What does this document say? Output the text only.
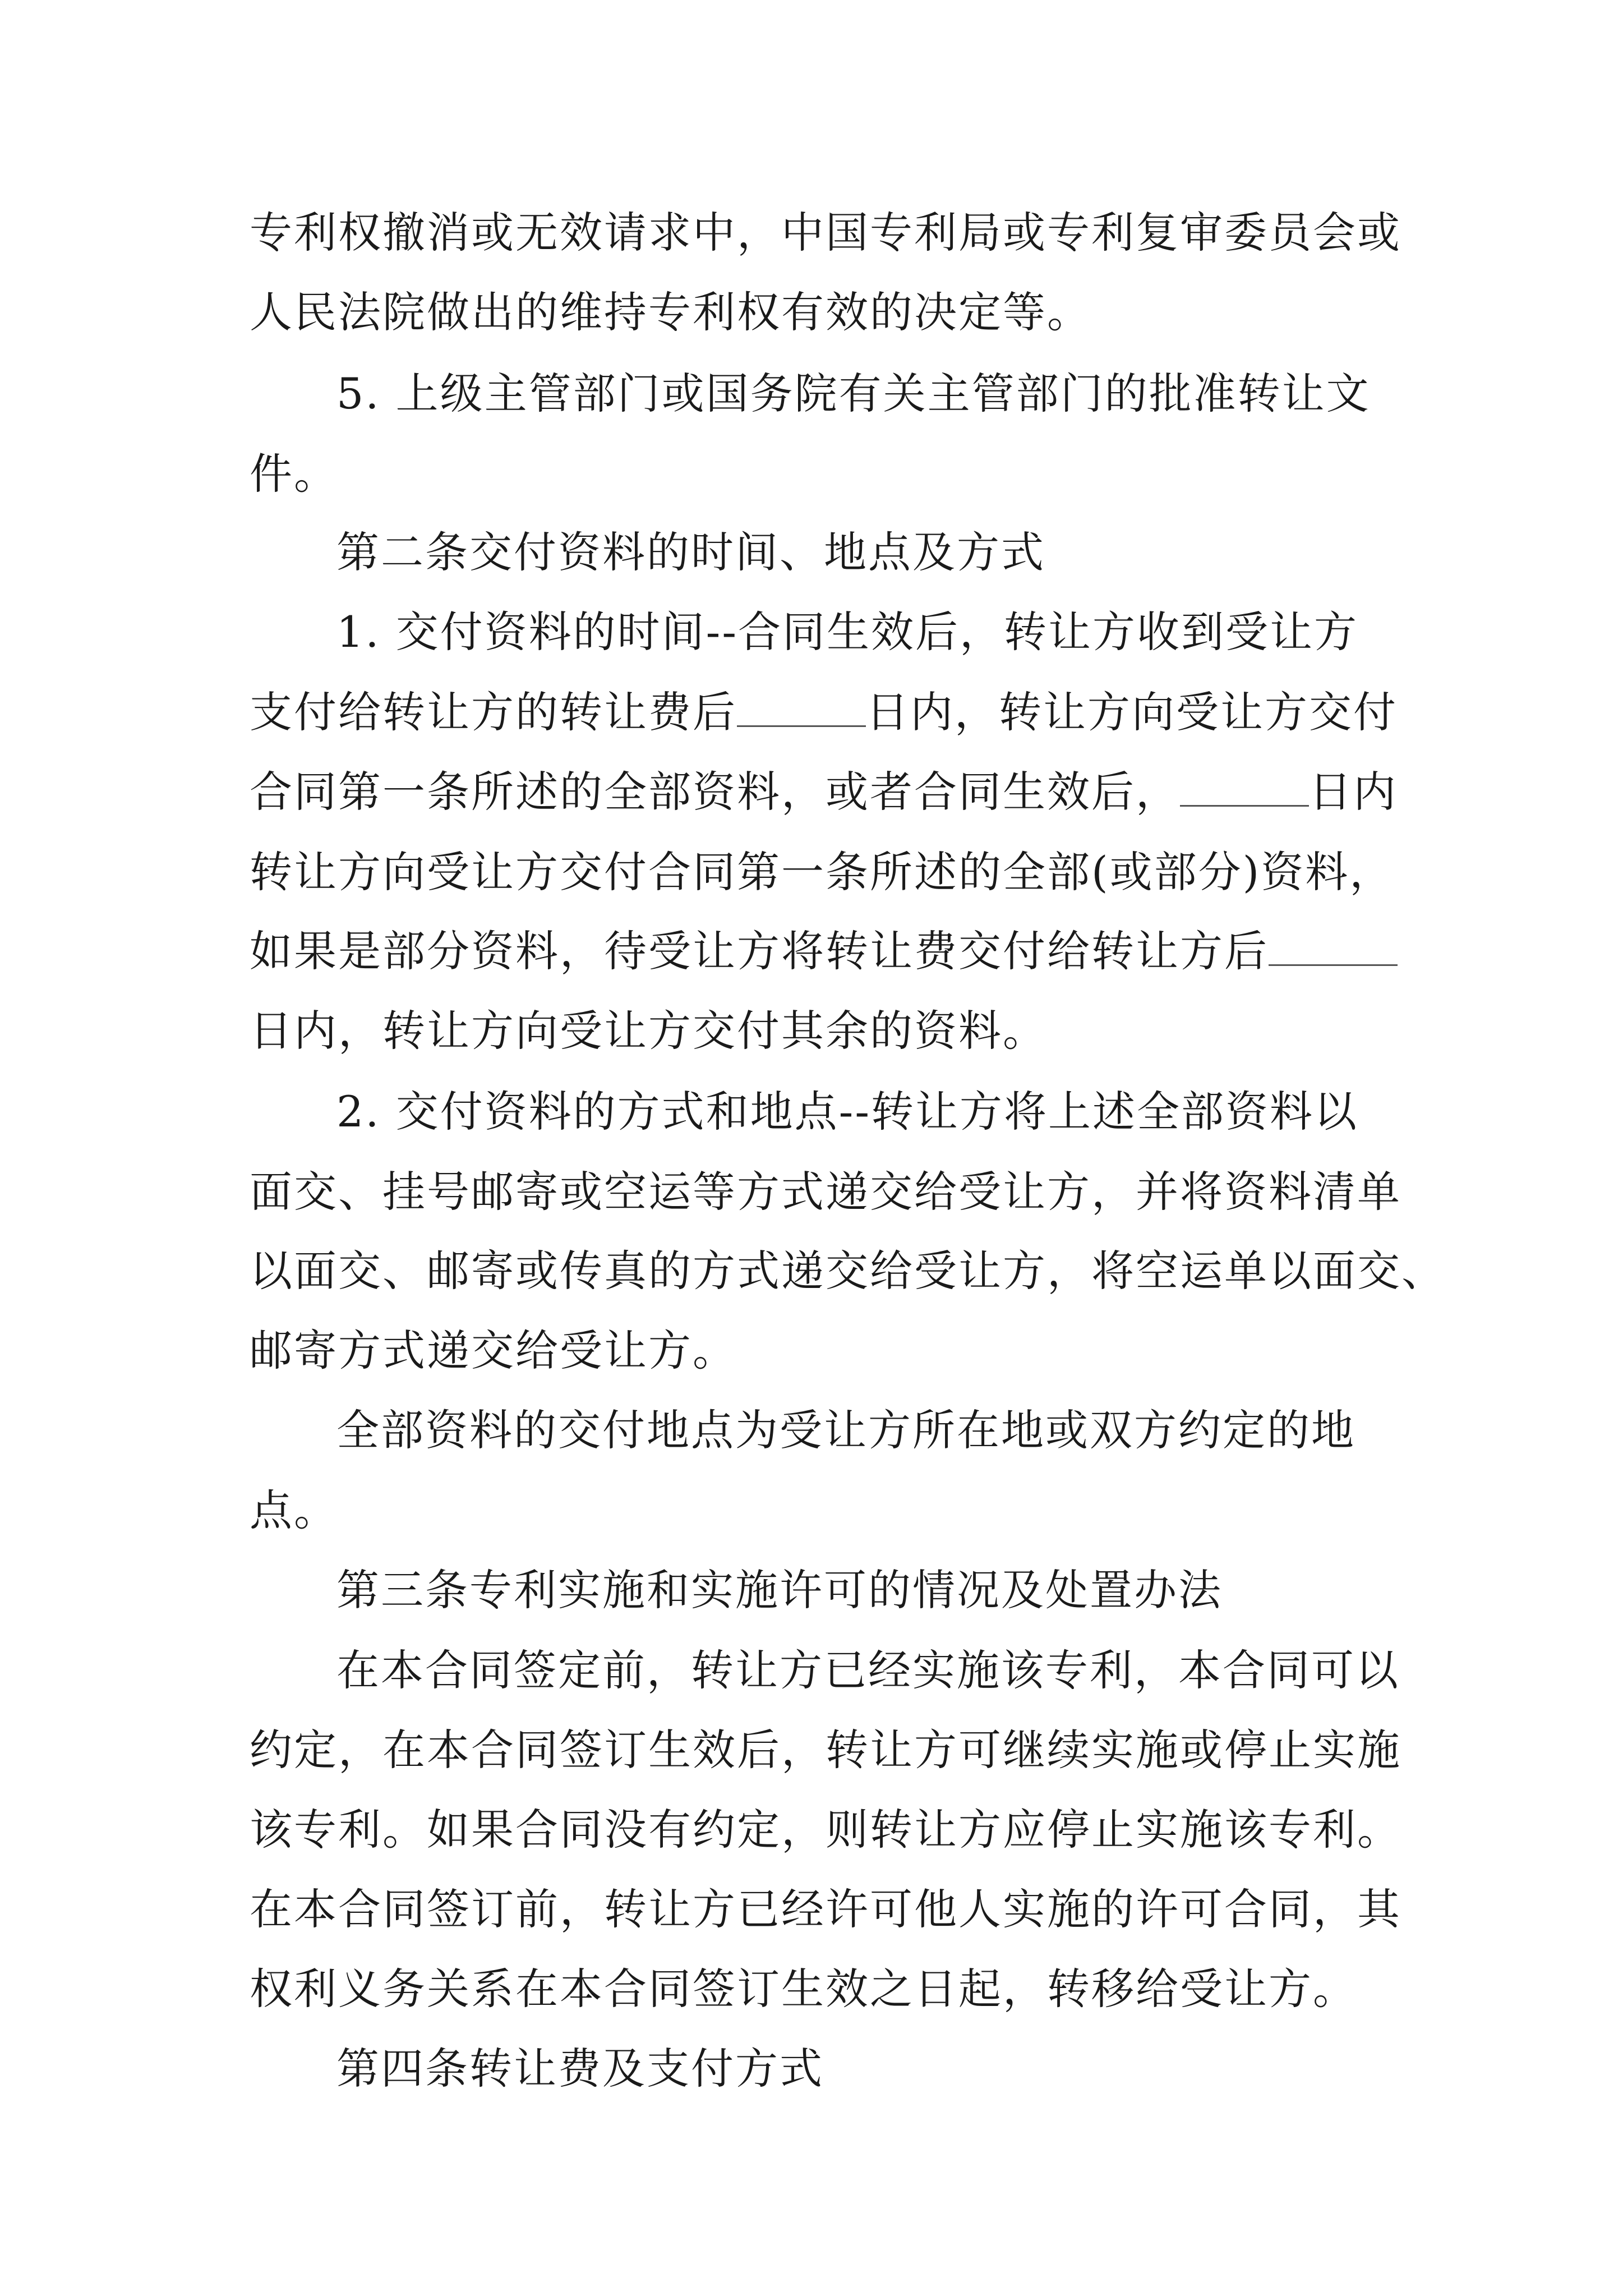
专利权撤消或无效请求中，中国专利局或专利复审委员会或
人民法院做出的维持专利权有效的决定等。
5. 上级主管部门或国务院有关主管部门的批准转让文
件。
第二条交付资料的时间、地点及方式
1. 交付资料的时间--合同生效后，转让方收到受让方
支付给转让方的转让费后	日内，转让方向受让方交付
合同第一条所述的全部资料，或者合同生效后，	日内
转让方向受让方交付合同第一条所述的全部(或部分)资料，
如果是部分资料，待受让方将转让费交付给转让方后
日内，转让方向受让方交付其余的资料。
2. 交付资料的方式和地点--转让方将上述全部资料以
面交、挂号邮寄或空运等方式递交给受让方，并将资料清单
以面交、邮寄或传真的方式递交给受让方，将空运单以面交、
邮寄方式递交给受让方。
全部资料的交付地点为受让方所在地或双方约定的地
点。
第三条专利实施和实施许可的情况及处置办法
在本合同签定前，转让方已经实施该专利，本合同可以
约定，在本合同签订生效后，转让方可继续实施或停止实施
该专利。如果合同没有约定，则转让方应停止实施该专利。
在本合同签订前，转让方已经许可他人实施的许可合同，其
权利义务关系在本合同签订生效之日起，转移给受让方。
第四条转让费及支付方式
